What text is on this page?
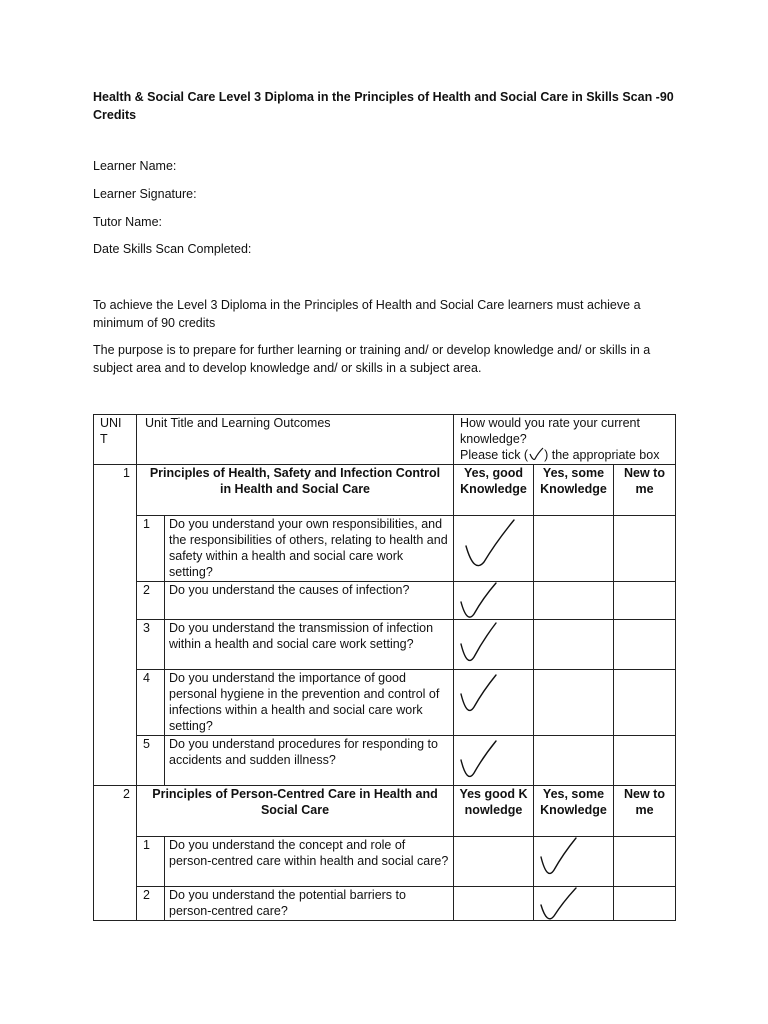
Health & Social Care Level 3 Diploma in the Principles of Health and Social Care in Skills Scan -90 Credits
Learner Name:
Learner Signature:
Tutor Name:
Date Skills Scan Completed:
To achieve the Level 3 Diploma in the Principles of Health and Social Care learners must achieve a minimum of 90 credits
The purpose is to prepare for further learning or training and/ or develop knowledge and/ or skills in a subject area and to develop knowledge and/ or skills in a subject area.
UNIT	Unit Title and Learning Outcomes		How would you rate your current knowledge?
Please tick ( ) the appropriate box		

1	Principles of Health, Safety and Infection Control in Health and Social Care		Yes, good Knowledge	Yes, some Knowledge	New to me
	1	Do you understand your own responsibilities, and the responsibilities of others, relating to health and safety within a health and social care work setting?	

	2	Do you understand the causes of infection?	

	3	Do you understand the transmission of infection within a health and social care work setting?	

	4	Do you understand the importance of good personal hygiene in the prevention and control of infections within a health and social care work setting?	

	5	Do you understand procedures for responding to accidents and sudden illness?	

2	Principles of Person-Centred Care in Health and Social Care		Yes good Knowledge	Yes, some Knowledge	New to me
	1	Do you understand the concept and role of person-centred care within health and social care?		

	2	Do you understand the potential barriers to person-centred care?		
